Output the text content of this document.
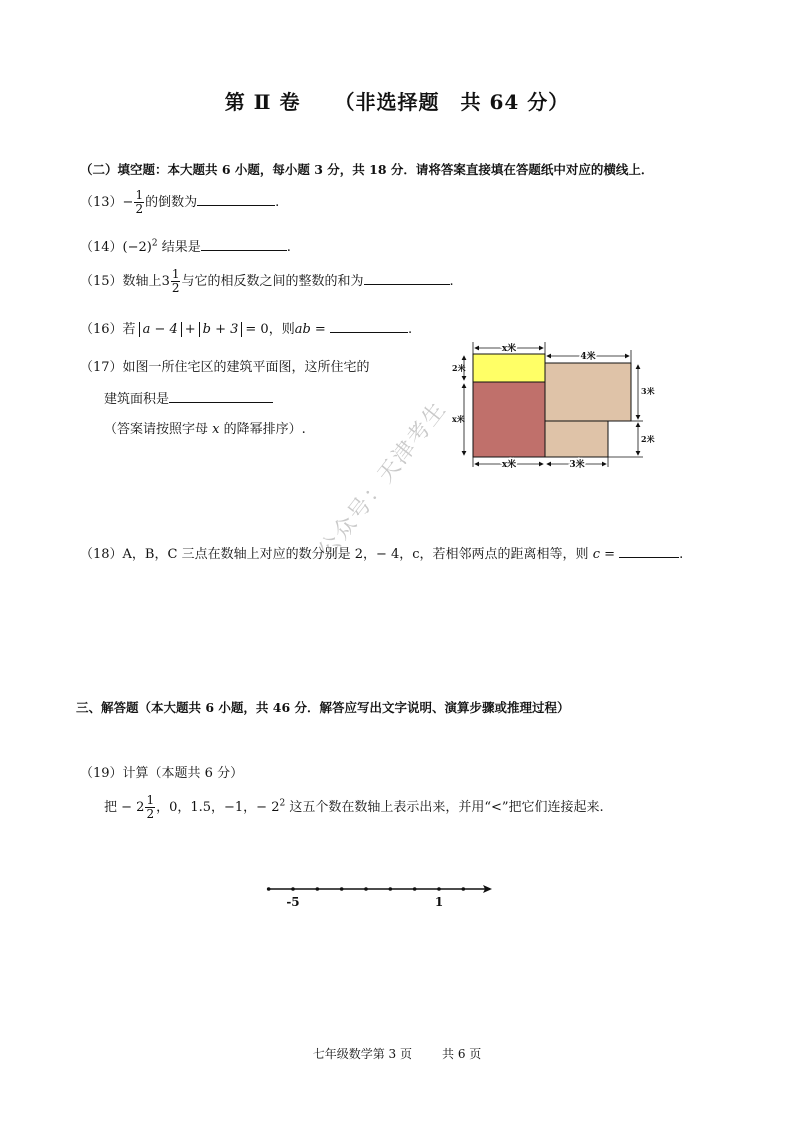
第 Ⅱ 卷 （非选择题　共 64 分）
（二）填空题：本大题共 6 小题，每小题 3 分，共 18 分．请将答案直接填在答题纸中对应的横线上．
$(13)- \frac{1}{2}$ 的倒数为	.
$(14)(-2)^2$ 结果是	.
（15）数轴上$3 \frac{1}{2}$ 与它的相反数之间的整数的和为	.
（16）若 a − 4 + b + 3 = 0，则ab =	.
（17）如图一所住宅区的建筑平面图，这所住宅的
建筑面积是
（答案请按照字母 x 的降幂排序）.
x米
4米
2米
x米
3米
2米
x米	3米
公众号：天津考生
（18）A，B，C 三点在数轴上对应的数分别是 2，− 4，c，若相邻两点的距离相等，则 c =	.
三、解答题（本大题共 6 小题，共 46 分．解答应写出文字说明、演算步骤或推理过程）
（19）计算（本题共 6 分）
把 − $2 \frac{1}{2}$ ，0，1.5，−1，− $2^2$ 这五个数在数轴上表示出来，并用“<”把它们连接起来.
-5	1
七年级数学第 3 页	共 6 页
